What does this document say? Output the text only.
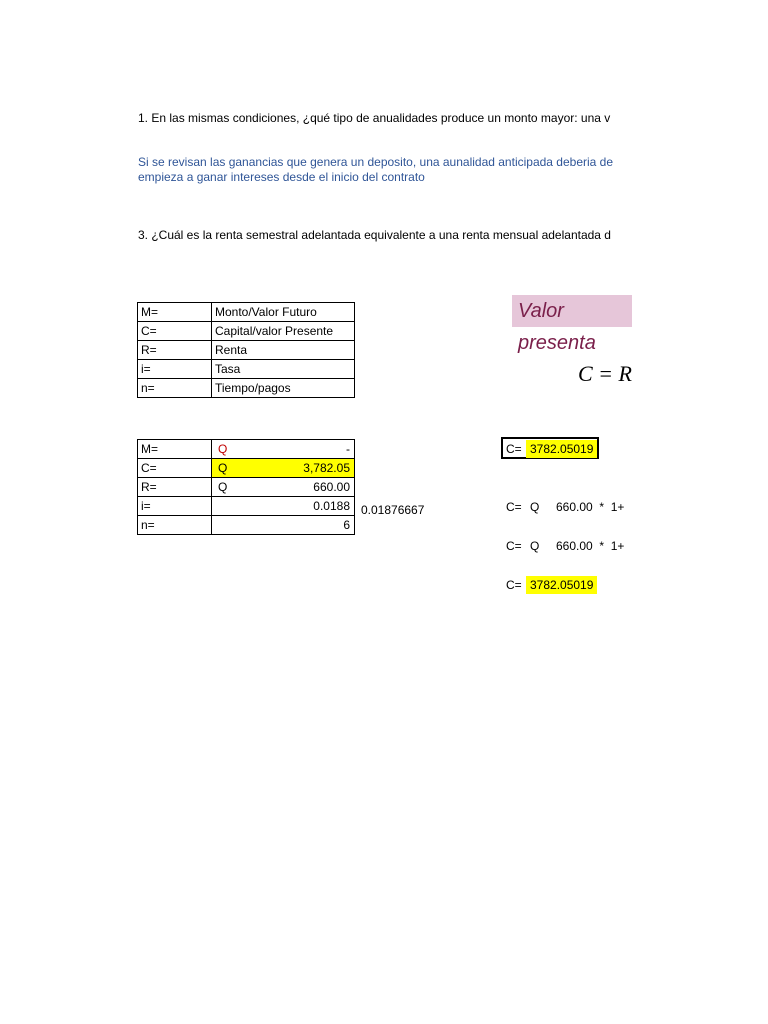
1. En las mismas condiciones, ¿qué tipo de anualidades produce un monto mayor: una v
Si se revisan las ganancias que genera un deposito, una aunalidad anticipada deberia de
empieza a ganar intereses desde el inicio del contrato
3. ¿Cuál es la renta semestral adelantada equivalente a una renta mensual adelantada d
M=	Monto/Valor Futuro
C=	Capital/valor Presente
R=	Renta
i=	Tasa
n=	Tiempo/pagos
M=	Q -

C=	Q 3,782.05

R=	Q 660.00

i=	0.0188

n=	6
0.01876667
Valor presenta
C = R
C= 3782.05019
C= Q     660.00  *  1+
C= Q     660.00  *  1+
C= 3782.05019
